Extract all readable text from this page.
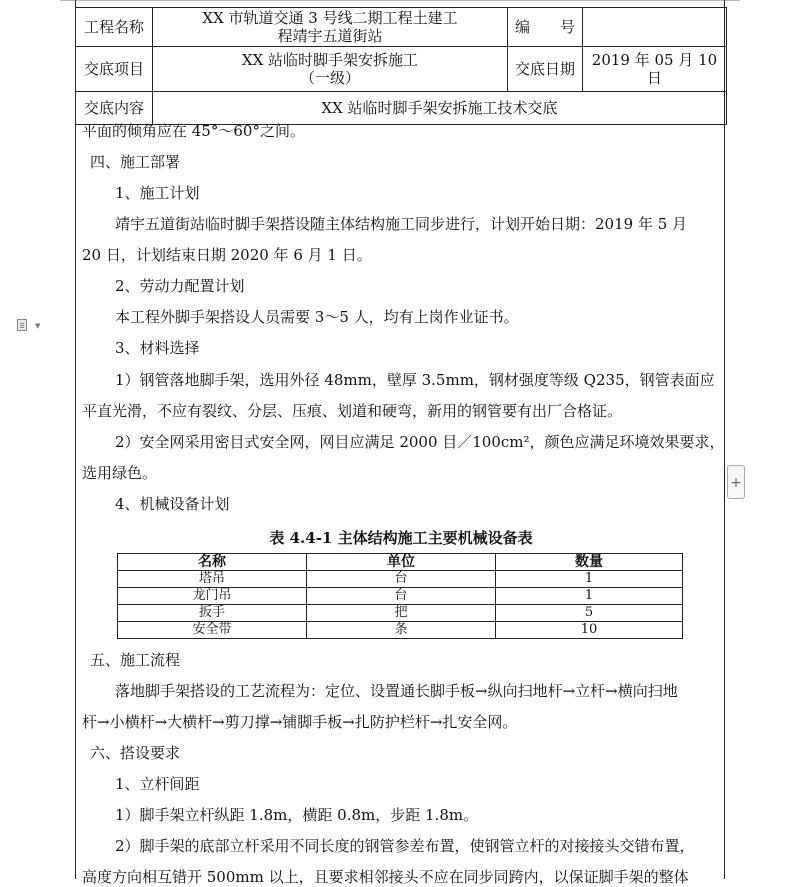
工程名称	XX 市轨道交通 3 号线二期工程土建工
程靖宇五道街站	编　　号	
交底项目	XX 站临时脚手架安拆施工
（一级）	交底日期	2019 年 05 月 10 日
交底内容	XX 站临时脚手架安拆施工技术交底		
平面的倾角应在 45°～60°之间。
四、施工部署
1、施工计划
靖宇五道街站临时脚手架搭设随主体结构施工同步进行，计划开始日期：2019 年 5 月
20 日，计划结束日期 2020 年 6 月 1 日。
2、劳动力配置计划
本工程外脚手架搭设人员需要 3～5 人，均有上岗作业证书。
3、材料选择
1）钢管落地脚手架，选用外径 48mm，壁厚 3.5mm，钢材强度等级 Q235，钢管表面应
平直光滑，不应有裂纹、分层、压痕、划道和硬弯，新用的钢管要有出厂合格证。
2）安全网采用密目式安全网，网目应满足 2000 目／100cm²，颜色应满足环境效果要求，
选用绿色。
4、机械设备计划
表 4.4-1 主体结构施工主要机械设备表
五、施工流程
落地脚手架搭设的工艺流程为：定位、设置通长脚手板→纵向扫地杆→立杆→横向扫地
杆→小横杆→大横杆→剪刀撑→铺脚手板→扎防护栏杆→扎安全网。
六、搭设要求
1、立杆间距
1）脚手架立杆纵距 1.8m，横距 0.8m，步距 1.8m。
2）脚手架的底部立杆采用不同长度的钢管参差布置，使钢管立杆的对接接头交错布置，
高度方向相互错开 500mm 以上，且要求相邻接头不应在同步同跨内，以保证脚手架的整体
名称	单位	数量
塔吊	台	1
龙门吊	台	1
扳手	把	5
安全带	条	10
▼
+
